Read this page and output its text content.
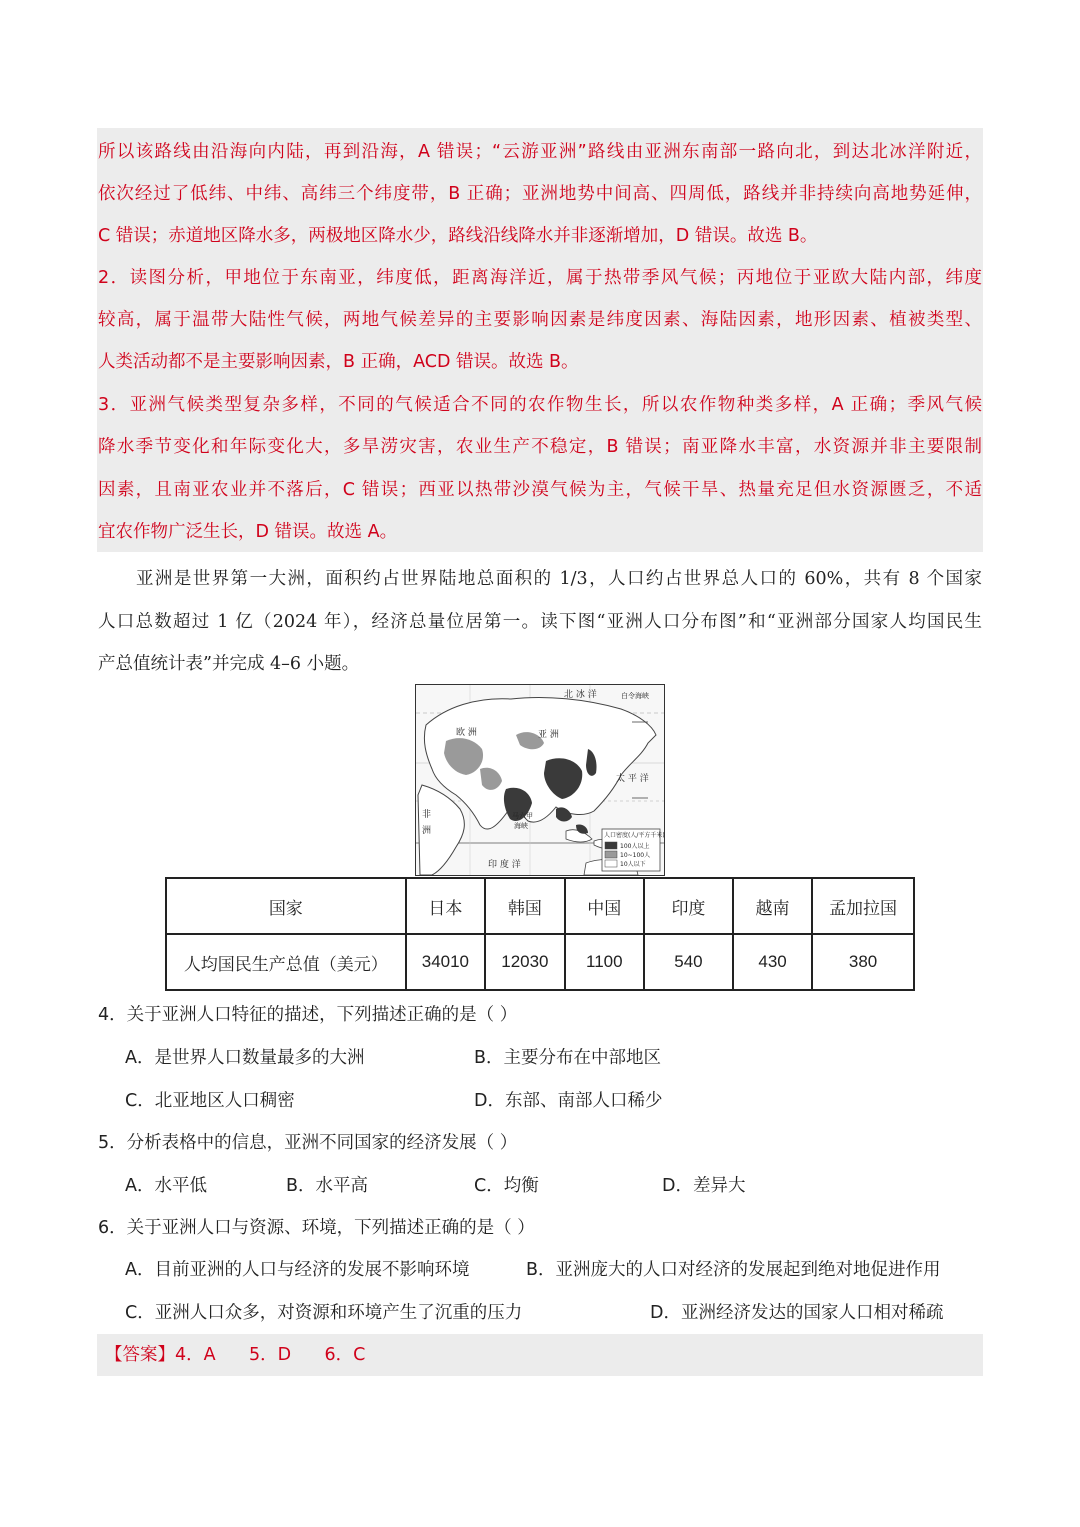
所以该路线由沿海向内陆，再到沿海，A 错误；“云游亚洲”路线由亚洲东南部一路向北，到达北冰洋附近，
依次经过了低纬、中纬、高纬三个纬度带，B 正确；亚洲地势中间高、四周低，路线并非持续向高地势延伸，
C 错误；赤道地区降水多，两极地区降水少，路线沿线降水并非逐渐增加，D 错误。故选 B。
2．读图分析，甲地位于东南亚，纬度低，距离海洋近，属于热带季风气候；丙地位于亚欧大陆内部，纬度
较高，属于温带大陆性气候，两地气候差异的主要影响因素是纬度因素、海陆因素，地形因素、植被类型、
人类活动都不是主要影响因素，B 正确，ACD 错误。故选 B。
3．亚洲气候类型复杂多样，不同的气候适合不同的农作物生长，所以农作物种类多样，A 正确；季风气候
降水季节变化和年际变化大，多旱涝灾害，农业生产不稳定，B 错误；南亚降水丰富，水资源并非主要限制
因素，且南亚农业并不落后，C 错误；西亚以热带沙漠气候为主，气候干旱、热量充足但水资源匮乏，不适
宜农作物广泛生长，D 错误。故选 A。
亚洲是世界第一大洲，面积约占世界陆地总面积的 1/3，人口约占世界总人口的 60%，共有 8 个国家
人口总数超过 1 亿（2024 年），经济总量位居第一。读下图“亚洲人口分布图”和“亚洲部分国家人均国民生
产总值统计表”并完成 4–6 小题。
北 冰 洋	白令海峡
欧 洲	亚 洲
太 平 洋
非
洲
马六甲
海峡
印 度 洋
人口密度(人/平方千米)
100人以上
10~100人
10人以下
国家	日本	韩国	中国	印度	越南	孟加拉国
人均国民生产总值（美元）	34010	12030	1100	540	430	380
4．关于亚洲人口特征的描述，下列描述正确的是（ ）
A．是世界人口数量最多的大洲	B．主要分布在中部地区
C．北亚地区人口稠密	D．东部、南部人口稀少
5．分析表格中的信息，亚洲不同国家的经济发展（ ）
A．水平低	B．水平高	C．均衡	D．差异大
6．关于亚洲人口与资源、环境，下列描述正确的是（ ）
A．目前亚洲的人口与经济的发展不影响环境	B．亚洲庞大的人口对经济的发展起到绝对地促进作用
C．亚洲人口众多，对资源和环境产生了沉重的压力	D．亚洲经济发达的国家人口相对稀疏
【答案】4．A      5．D      6．C
